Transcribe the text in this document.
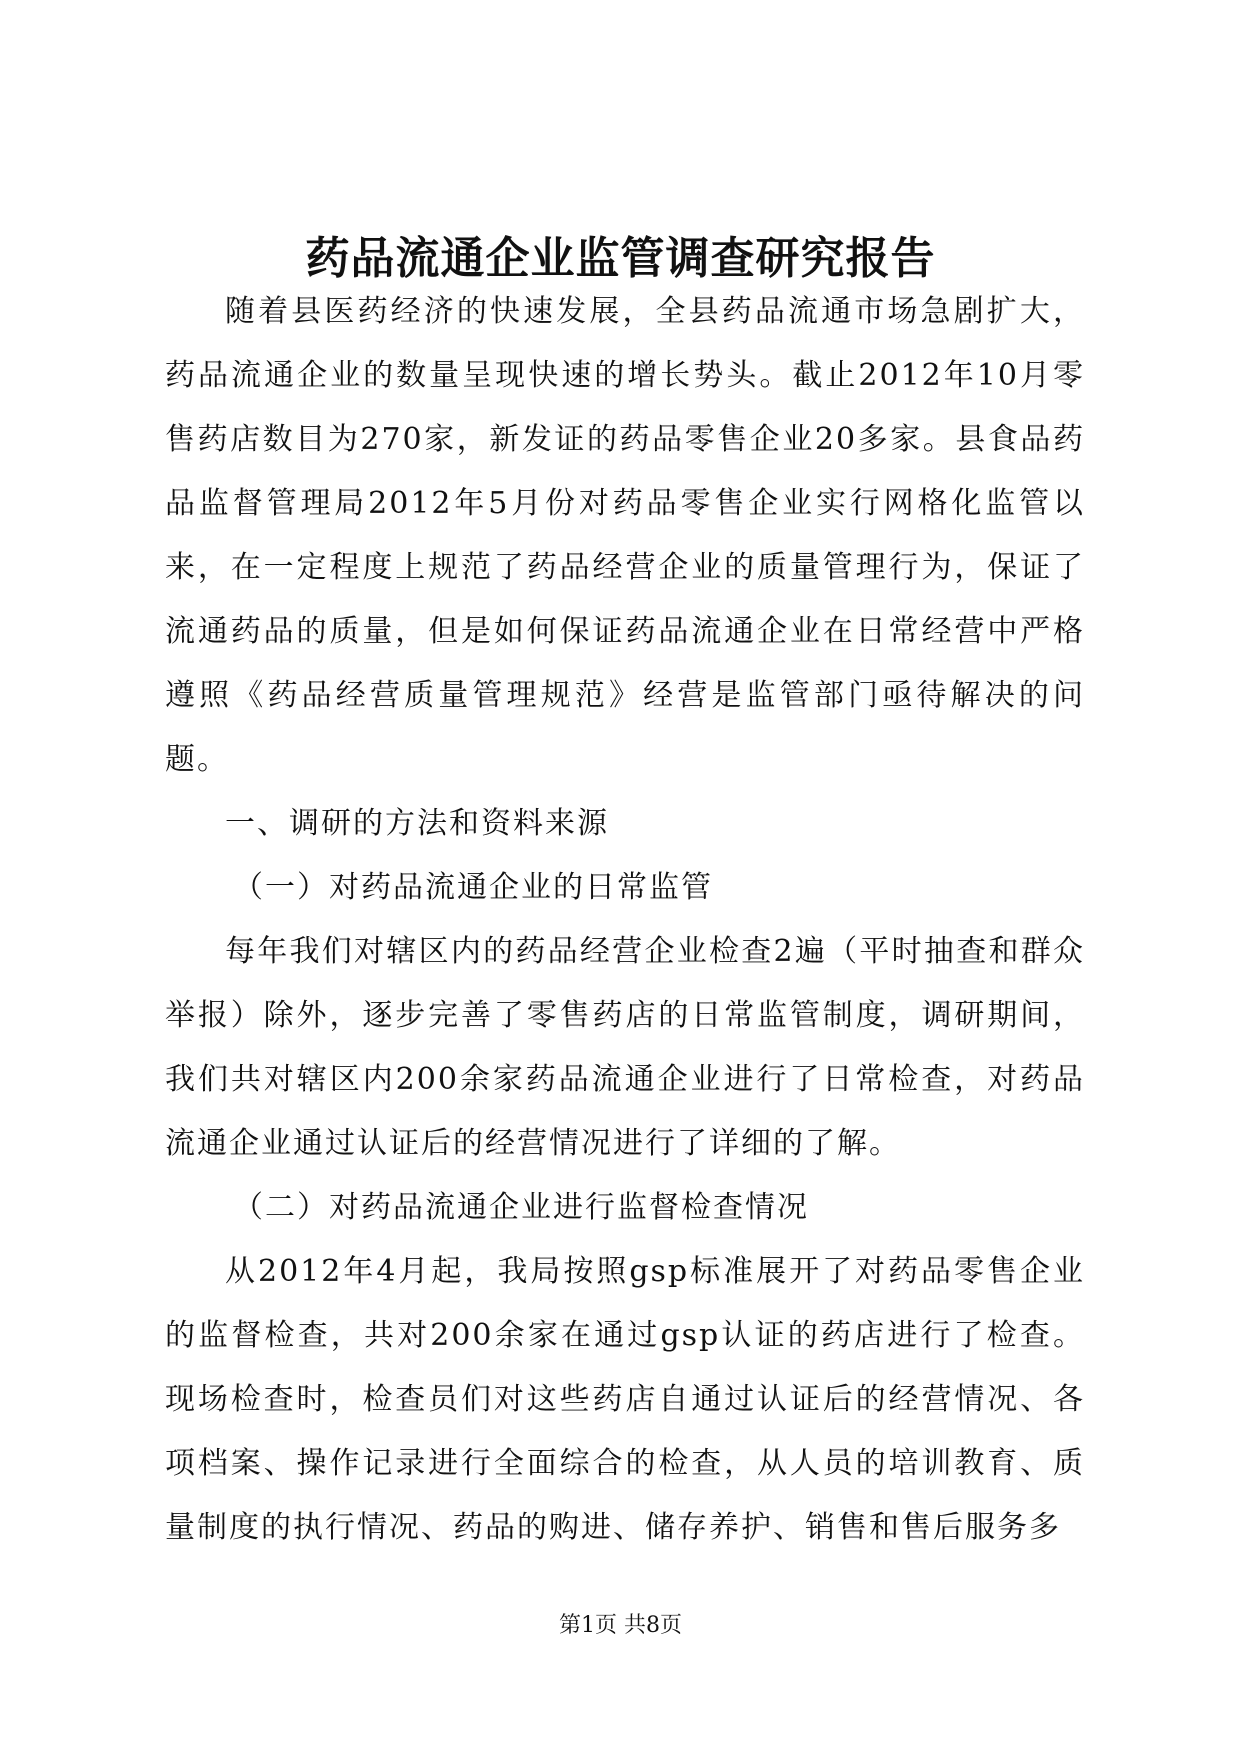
药品流通企业监管调查研究报告

随着县医药经济的快速发展，全县药品流通市场急剧扩大，药品流通企业的数量呈现快速的增长势头。截止2012年10月零售药店数目为270家，新发证的药品零售企业20多家。县食品药品监督管理局2012年5月份对药品零售企业实行网格化监管以来，在一定程度上规范了药品经营企业的质量管理行为，保证了流通药品的质量，但是如何保证药品流通企业在日常经营中严格遵照《药品经营质量管理规范》经营是监管部门亟待解决的问题。

一、调研的方法和资料来源

（一）对药品流通企业的日常监管

每年我们对辖区内的药品经营企业检查2遍（平时抽查和群众举报）除外，逐步完善了零售药店的日常监管制度，调研期间，我们共对辖区内200余家药品流通企业进行了日常检查，对药品流通企业通过认证后的经营情况进行了详细的了解。

（二）对药品流通企业进行监督检查情况

从2012年4月起，我局按照gsp标准展开了对药品零售企业的监督检查，共对200余家在通过gsp认证的药店进行了检查。现场检查时，检查员们对这些药店自通过认证后的经营情况、各项档案、操作记录进行全面综合的检查，从人员的培训教育、质量制度的执行情况、药品的购进、储存养护、销售和售后服务多

第1页 共8页
